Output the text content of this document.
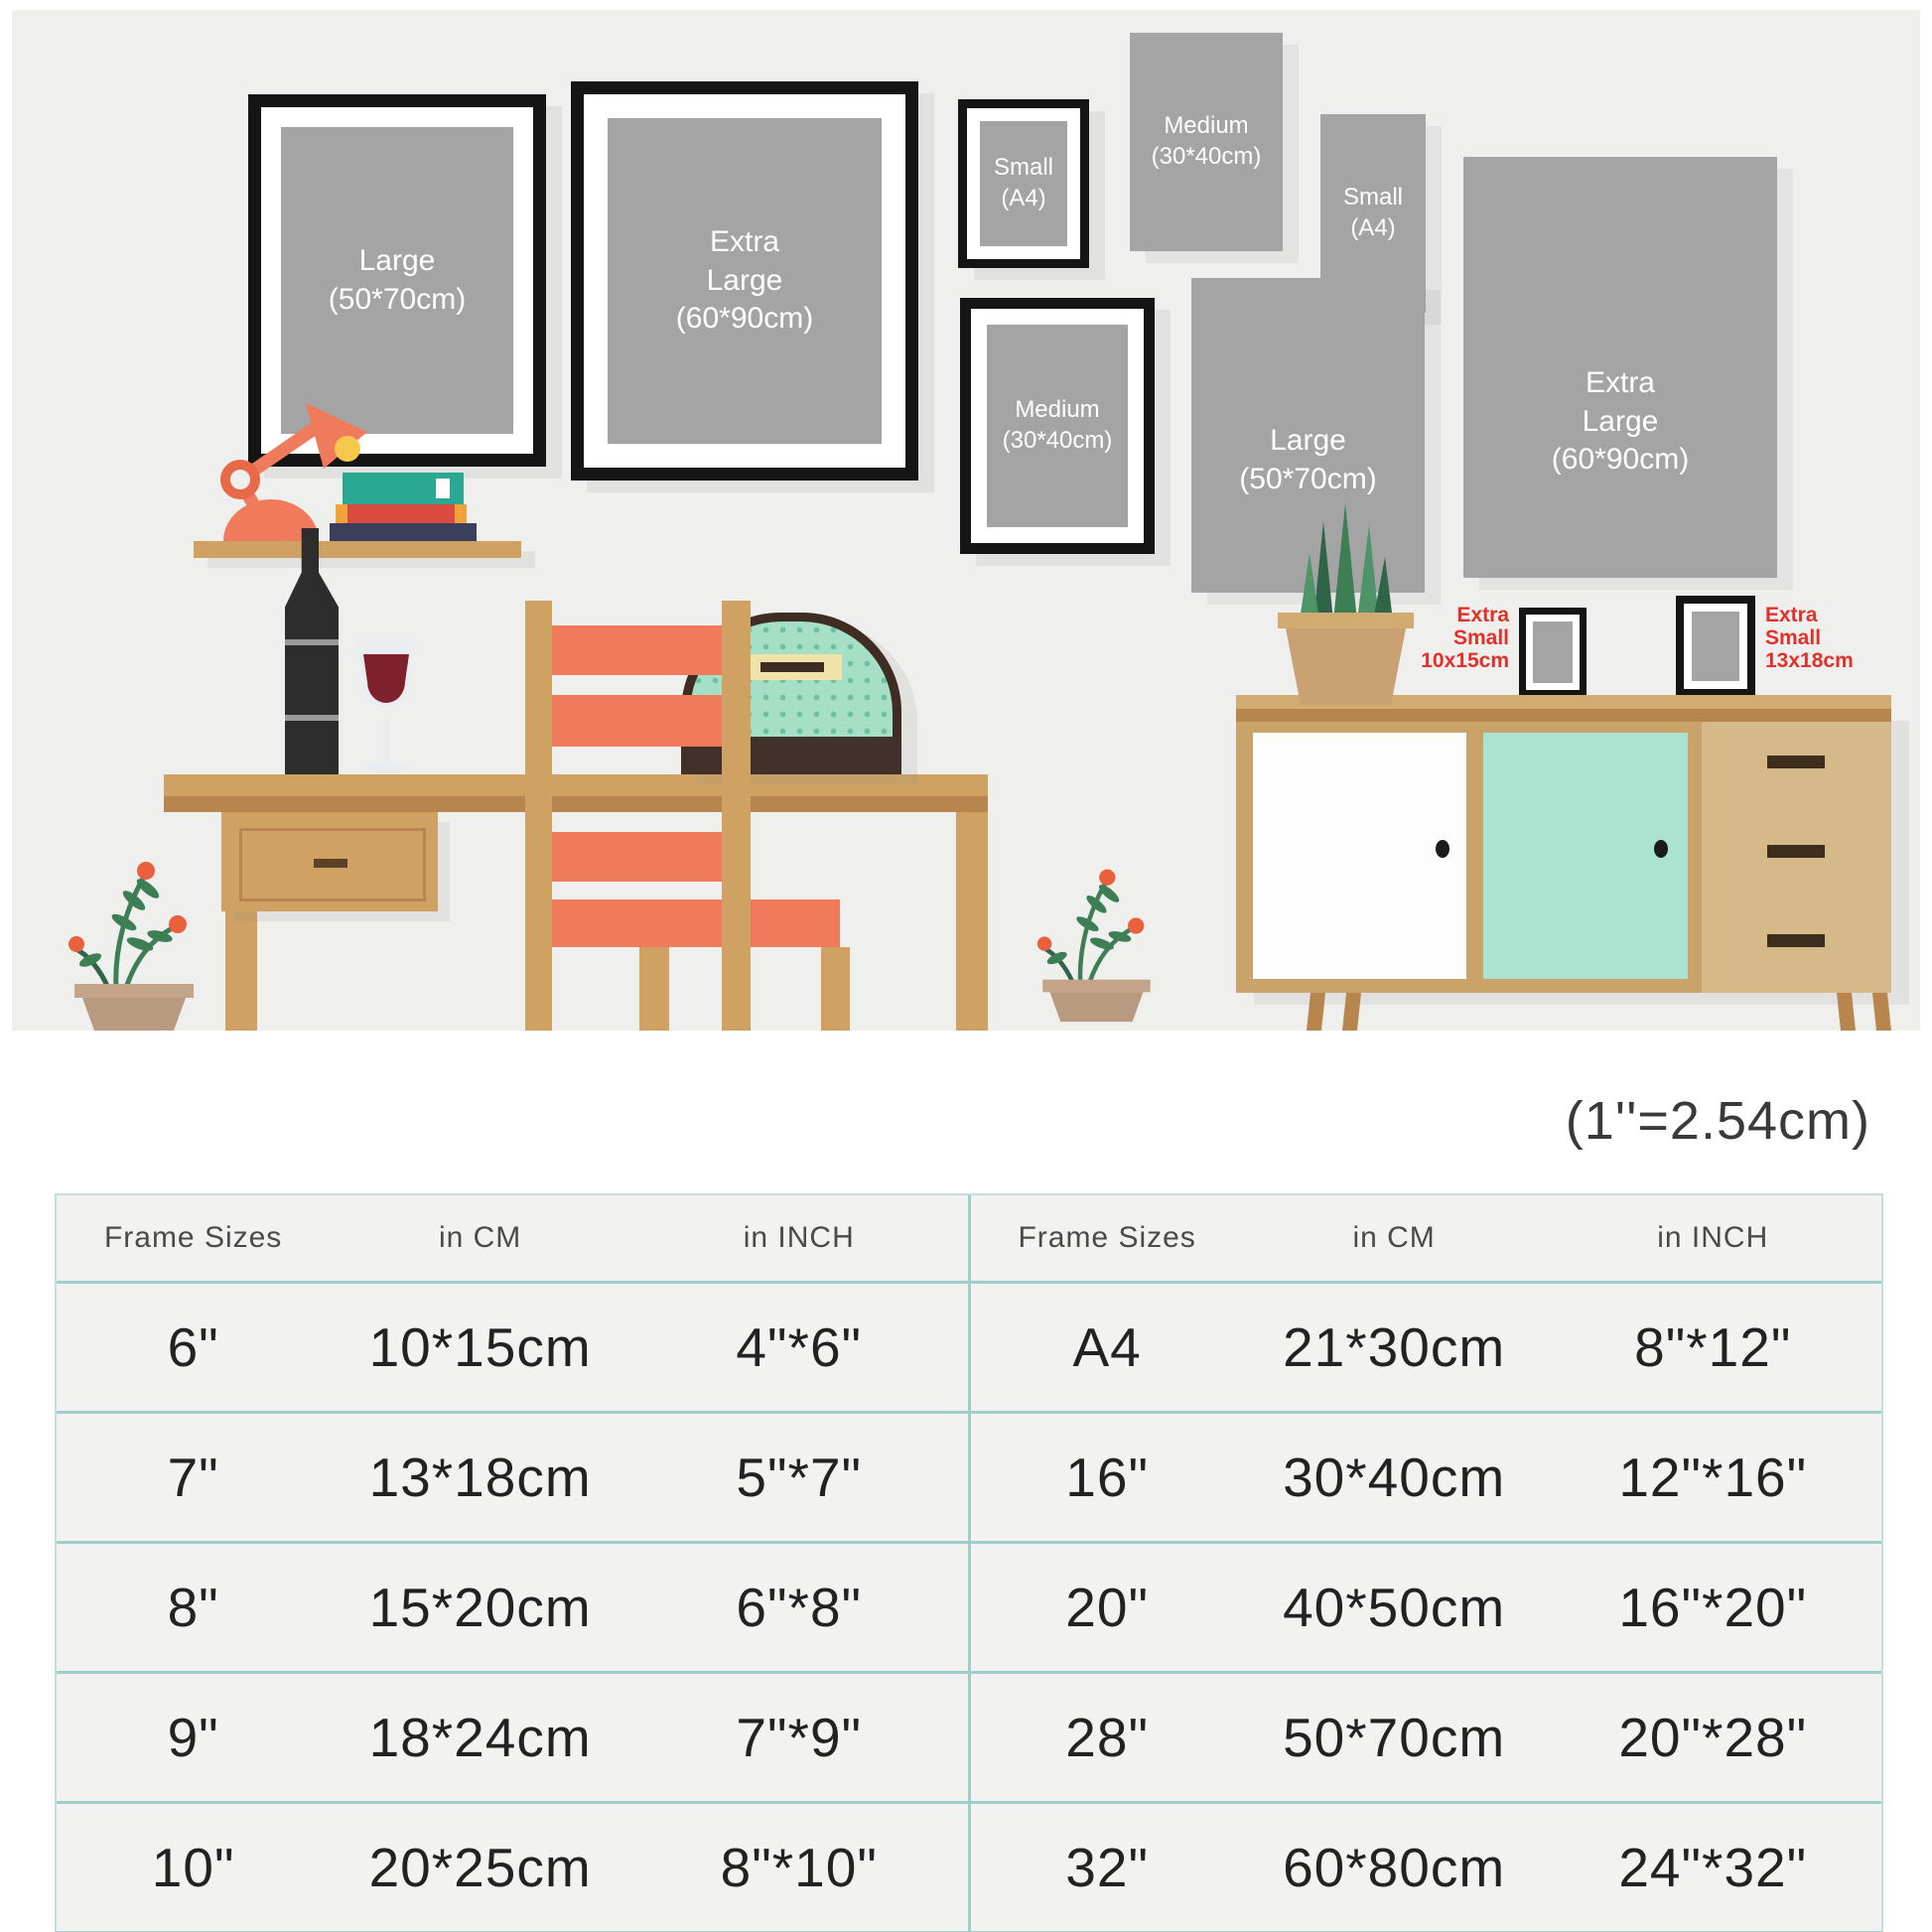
Large
(50*70cm)
Extra
Large
(60*90cm)
Small
(A4)
Medium
(30*40cm)
Small
(A4)
Extra
Large
(60*90cm)
Medium
(30*40cm)	Large
(50*70cm)
Extra
Small
10x15cm
Extra
Small
13x18cm
(1''=2.54cm)
Frame Sizes	in CM	in INCH
6"	10*15cm	4"*6"
7"	13*18cm	5"*7"
8"	15*20cm	6"*8"
9"	18*24cm	7"*9"
10"	20*25cm	8"*10"
Frame Sizes	in CM	in INCH
A4	21*30cm	8"*12"
16"	30*40cm	12"*16"
20"	40*50cm	16"*20"
28"	50*70cm	20"*28"
32"	60*80cm	24"*32"
